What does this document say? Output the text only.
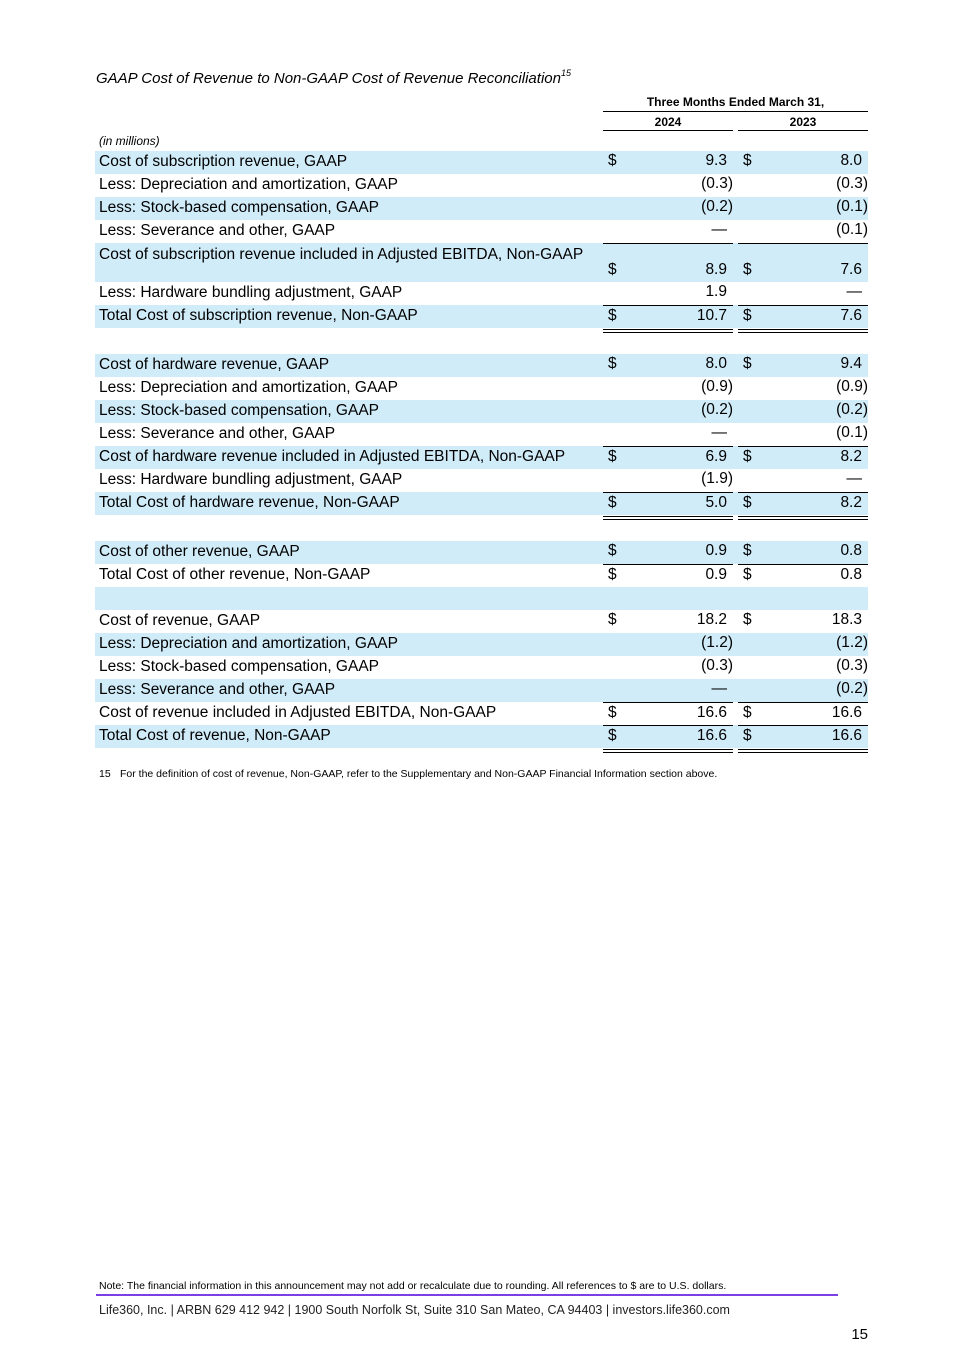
GAAP Cost of Revenue to Non-GAAP Cost of Revenue Reconciliation$^{15}$
Three Months Ended March 31,
2024	2023
(in millions)
Cost of subscription revenue, GAAP	$	9.3 $	8.0
Less: Depreciation and amortization, GAAP	(0.3)	(0.3)
Less: Stock-based compensation, GAAP	(0.2)	(0.1)
Less: Severance and other, GAAP	—	(0.1)
Cost of subscription revenue included in Adjusted EBITDA, Non-GAAP
$	8.9 $	7.6
Less: Hardware bundling adjustment, GAAP	1.9	—
Total Cost of subscription revenue, Non-GAAP	$	10.7 $	7.6
Cost of hardware revenue, GAAP	$	8.0 $	9.4
Less: Depreciation and amortization, GAAP	(0.9)	(0.9)
Less: Stock-based compensation, GAAP	(0.2)	(0.2)
Less: Severance and other, GAAP	—	(0.1)
Cost of hardware revenue included in Adjusted EBITDA, Non-GAAP	$	6.9 $	8.2
Less: Hardware bundling adjustment, GAAP	(1.9)	—
Total Cost of hardware revenue, Non-GAAP	$	5.0 $	8.2
Cost of other revenue, GAAP	$	0.9 $	0.8
Total Cost of other revenue, Non-GAAP	$	0.9 $	0.8
Cost of revenue, GAAP	$	18.2 $	18.3
Less: Depreciation and amortization, GAAP	(1.2)	(1.2)
Less: Stock-based compensation, GAAP	(0.3)	(0.3)
Less: Severance and other, GAAP	—	(0.2)
Cost of revenue included in Adjusted EBITDA, Non-GAAP	$	16.6 $	16.6
Total Cost of revenue, Non-GAAP	$	16.6 $	16.6
15 For the definition of cost of revenue, Non-GAAP, refer to the Supplementary and Non-GAAP Financial Information section above.
Note: The financial information in this announcement may not add or recalculate due to rounding. All references to $ are to U.S. dollars.
Life360, Inc. | ARBN 629 412 942 | 1900 South Norfolk St, Suite 310 San Mateo, CA 94403 | investors.life360.com
15
